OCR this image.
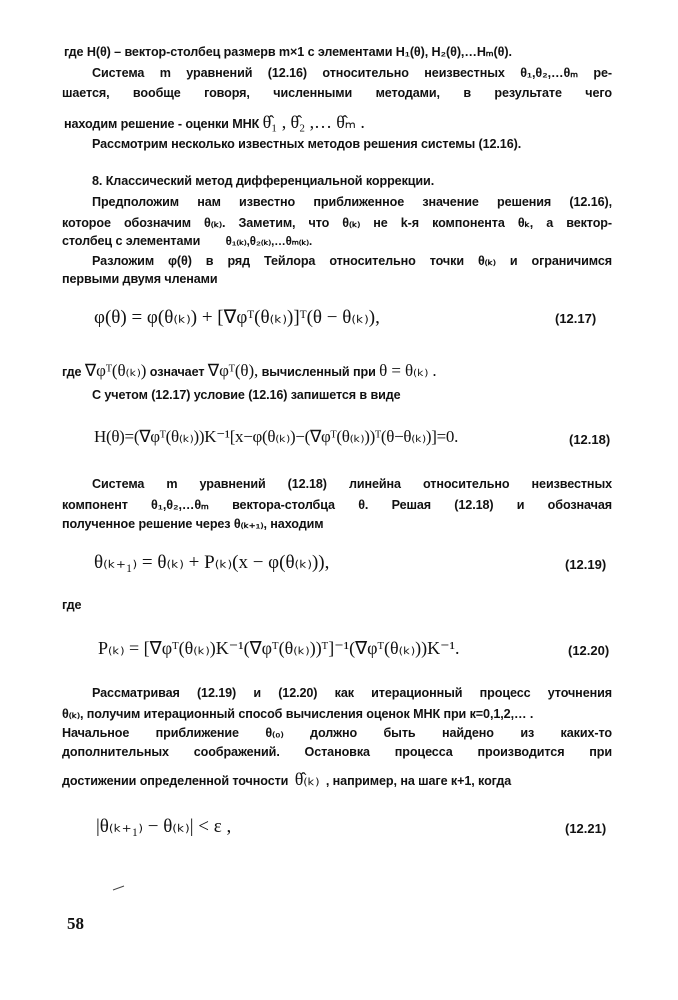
где H(θ) – вектор-столбец размерв m×1 с элементами H₁(θ), H₂(θ),…Hₘ(θ).
Система m уравнений (12.16) относительно неизвестных θ₁,θ₂,…θₘ ре-
шается, вообще говоря, численными методами, в результате чего
находим решение - оценки МНК θ̂₁ , θ̂₂ ,… θ̂ₘ .
Рассмотрим несколько известных методов решения системы (12.16).
8. Классический метод дифференциальной коррекции.
Предположим нам известно приближенное значение решения (12.16),
которое обозначим θ₍ₖ₎. Заметим, что θ₍ₖ₎ не k-я компонента θₖ, а вектор-
столбец с элементами θ₁₍ₖ₎,θ₂₍ₖ₎,…θₘ₍ₖ₎.
Разложим φ(θ) в ряд Тейлора относительно точки θ₍ₖ₎ и ограничимся
первыми двумя членами
φ(θ) = φ(θ₍ₖ₎) + [∇φᵀ(θ₍ₖ₎)]ᵀ(θ − θ₍ₖ₎),	(12.17)
где ∇φᵀ(θ₍ₖ₎) означает ∇φᵀ(θ), вычисленный при θ = θ₍ₖ₎ .
С учетом (12.17) условие (12.16) запишется в виде
H(θ)=(∇φᵀ(θ₍ₖ₎))K⁻¹[x−φ(θ₍ₖ₎)−(∇φᵀ(θ₍ₖ₎))ᵀ(θ−θ₍ₖ₎)]=0.	(12.18)
Система m уравнений (12.18) линейна относительно неизвестных
компонент θ₁,θ₂,…θₘ вектора-столбца θ. Решая (12.18) и обозначая
полученное решение через θ₍ₖ₊₁₎, находим
θ₍ₖ₊₁₎ = θ₍ₖ₎ + P₍ₖ₎(x − φ(θ₍ₖ₎)),	(12.19)
где
P₍ₖ₎ = [∇φᵀ(θ₍ₖ₎)K⁻¹(∇φᵀ(θ₍ₖ₎))ᵀ]⁻¹(∇φᵀ(θ₍ₖ₎))K⁻¹.	(12.20)
Рассматривая (12.19) и (12.20) как итерационный процесс уточнения
θ₍ₖ₎, получим итерационный способ вычисления оценок МНК при к=0,1,2,… .
Начальное приближение θ₍₀₎ должно быть найдено из каких-то
дополнительных соображений. Остановка процесса производится при
достижении определенной точности θ̂₍ₖ₎ , например, на шаге к+1, когда
|θ₍ₖ₊₁₎ − θ₍ₖ₎| < ε ,	(12.21)
58
